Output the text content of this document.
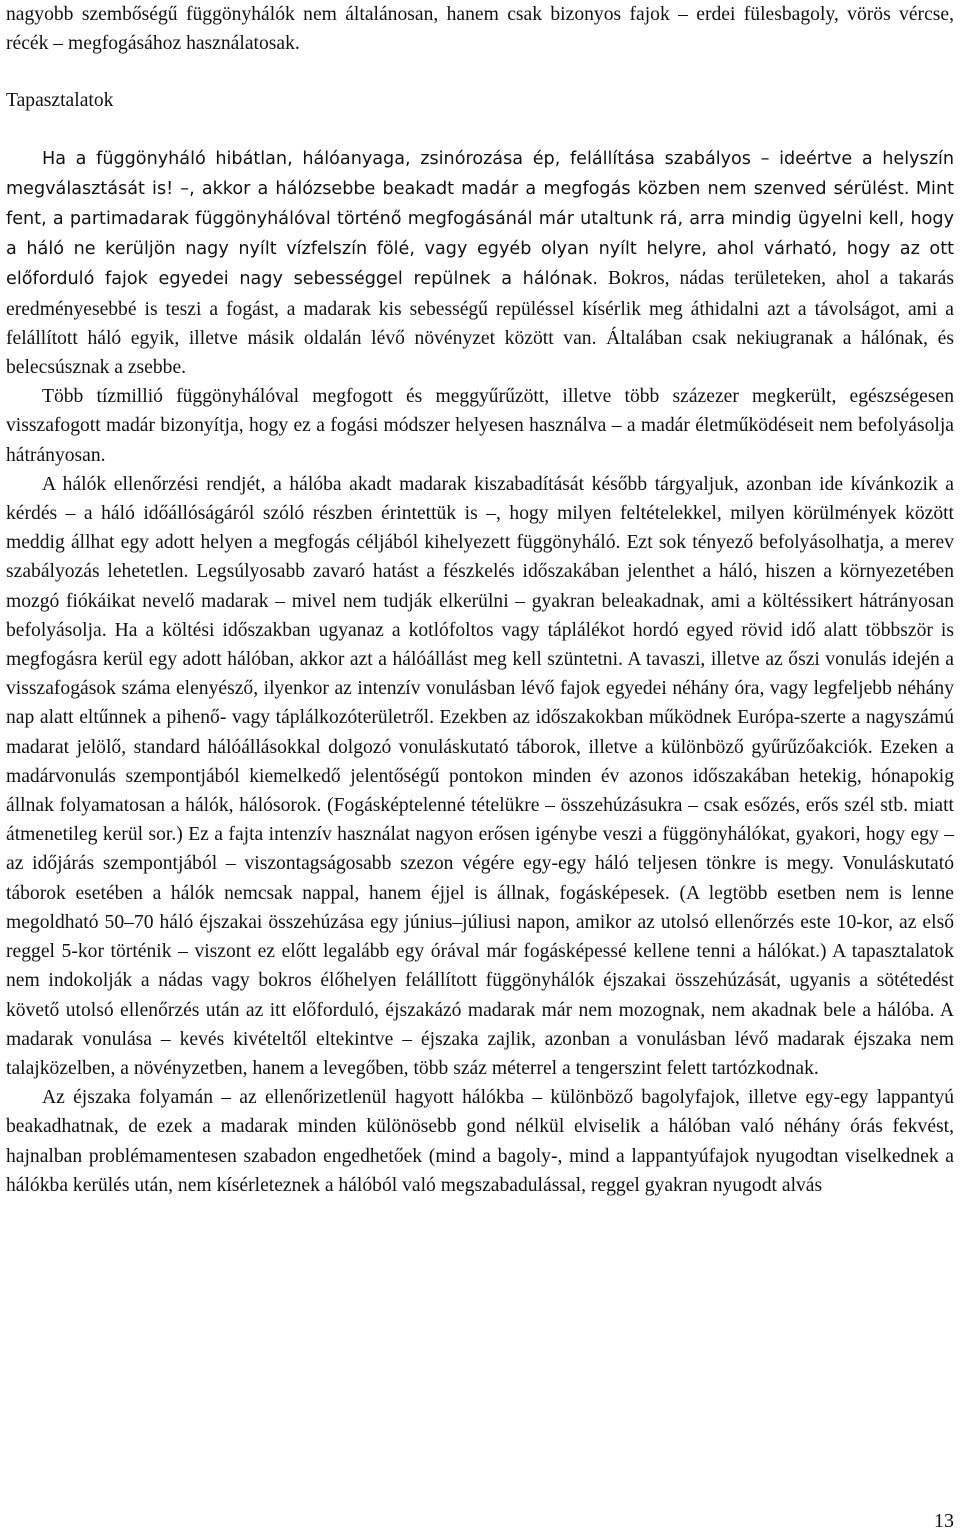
nagyobb szembőségű függönyhálók nem általánosan, hanem csak bizonyos fajok – erdei fülesbagoly, vörös vércse, récék – megfogásához használatosak.

Tapasztalatok

Ha a függönyháló hibátlan, hálóanyaga, zsinórozása ép, felállítása szabályos – ideértve a helyszín megválasztását is! –, akkor a hálózsebbe beakadt madár a megfogás közben nem szenved sérülést. Mint fent, a partimadarak függönyhálóval történő megfogásánál már utaltunk rá, arra mindig ügyelni kell, hogy a háló ne kerüljön nagy nyílt vízfelszín fölé, vagy egyéb olyan nyílt helyre, ahol várható, hogy az ott előforduló fajok egyedei nagy sebességgel repülnek a hálónak. Bokros, nádas területeken, ahol a takarás eredményesebbé is teszi a fogást, a madarak kis sebességű repüléssel kísérlik meg áthidalni azt a távolságot, ami a felállított háló egyik, illetve másik oldalán lévő növényzet között van. Általában csak nekiugranak a hálónak, és belecsúsznak a zsebbe.

Több tízmillió függönyhálóval megfogott és meggyűrűzött, illetve több százezer megkerült, egészségesen visszafogott madár bizonyítja, hogy ez a fogási módszer helyesen használva – a madár életműködéseit nem befolyásolja hátrányosan.

A hálók ellenőrzési rendjét, a hálóba akadt madarak kiszabadítását később tárgyaljuk, azonban ide kívánkozik a kérdés – a háló időállóságáról szóló részben érintettük is –, hogy milyen feltételekkel, milyen körülmények között meddig állhat egy adott helyen a megfogás céljából kihelyezett függönyháló. Ezt sok tényező befolyásolhatja, a merev szabályozás lehetetlen. Legsúlyosabb zavaró hatást a fészkelés időszakában jelenthet a háló, hiszen a környezetében mozgó fiókáikat nevelő madarak – mivel nem tudják elkerülni – gyakran beleakadnak, ami a költéssikert hátrányosan befolyásolja. Ha a költési időszakban ugyanaz a kotlófoltos vagy táplálékot hordó egyed rövid idő alatt többször is megfogásra kerül egy adott hálóban, akkor azt a hálóállást meg kell szüntetni. A tavaszi, illetve az őszi vonulás idején a visszafogások száma elenyésző, ilyenkor az intenzív vonulásban lévő fajok egyedei néhány óra, vagy legfeljebb néhány nap alatt eltűnnek a pihenő- vagy táplálkozóterületről. Ezekben az időszakokban működnek Európa-szerte a nagyszámú madarat jelölő, standard hálóállásokkal dolgozó vonuláskutató táborok, illetve a különböző gyűrűzőakciók. Ezeken a madárvonulás szempontjából kiemelkedő jelentőségű pontokon minden év azonos időszakában hetekig, hónapokig állnak folyamatosan a hálók, hálósorok. (Fogásképtelenné tételükre – összehúzásukra – csak esőzés, erős szél stb. miatt átmenetileg kerül sor.) Ez a fajta intenzív használat nagyon erősen igénybe veszi a függönyhálókat, gyakori, hogy egy – az időjárás szempontjából – viszontagságosabb szezon végére egy-egy háló teljesen tönkre is megy. Vonuláskutató táborok esetében a hálók nemcsak nappal, hanem éjjel is állnak, fogásképesek. (A legtöbb esetben nem is lenne megoldható 50–70 háló éjszakai összehúzása egy június–júliusi napon, amikor az utolsó ellenőrzés este 10-kor, az első reggel 5-kor történik – viszont ez előtt legalább egy órával már fogásképessé kellene tenni a hálókat.) A tapasztalatok nem indokolják a nádas vagy bokros élőhelyen felállított függönyhálók éjszakai összehúzását, ugyanis a sötétedést követő utolsó ellenőrzés után az itt előforduló, éjszakázó madarak már nem mozognak, nem akadnak bele a hálóba. A madarak vonulása – kevés kivételtől eltekintve – éjszaka zajlik, azonban a vonulásban lévő madarak éjszaka nem talajközelben, a növényzetben, hanem a levegőben, több száz méterrel a tengerszint felett tartózkodnak.

Az éjszaka folyamán – az ellenőrizetlenül hagyott hálókba – különböző bagolyfajok, illetve egy-egy lappantyú beakadhatnak, de ezek a madarak minden különösebb gond nélkül elviselik a hálóban való néhány órás fekvést, hajnalban problémamentesen szabadon engedhetőek (mind a bagoly-, mind a lappantyúfajok nyugodtan viselkednek a hálókba kerülés után, nem kísérleteznek a hálóból való megszabadulással, reggel gyakran nyugodt alvás

13
